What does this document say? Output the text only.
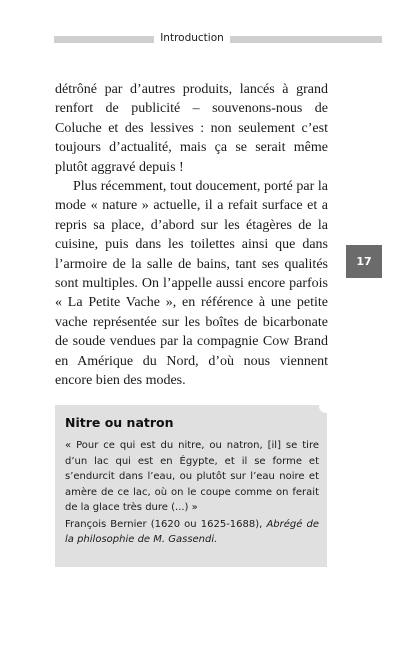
Introduction

détrôné par d’autres produits, lancés à grand renfort de publicité – souvenons-nous de Coluche et des lessives : non seulement c’est toujours d’actualité, mais ça se serait même plutôt aggravé depuis !

Plus récemment, tout doucement, porté par la mode « nature » actuelle, il a refait surface et a repris sa place, d’abord sur les étagères de la cuisine, puis dans les toilettes ainsi que dans l’armoire de la salle de bains, tant ses qualités sont multiples. On l’appelle aussi encore parfois « La Petite Vache », en référence à une petite vache représentée sur les boîtes de bicarbonate de soude vendues par la compagnie Cow Brand en Amérique du Nord, d’où nous viennent encore bien des modes.

17

Nitre ou natron

« Pour ce qui est du nitre, ou natron, [il] se tire d’un lac qui est en Égypte, et il se forme et s’endurcit dans l’eau, ou plutôt sur l’eau noire et amère de ce lac, où on le coupe comme on ferait de la glace très dure (...) »

François Bernier (1620 ou 1625-1688), Abrégé de la philosophie de M. Gassendi.
